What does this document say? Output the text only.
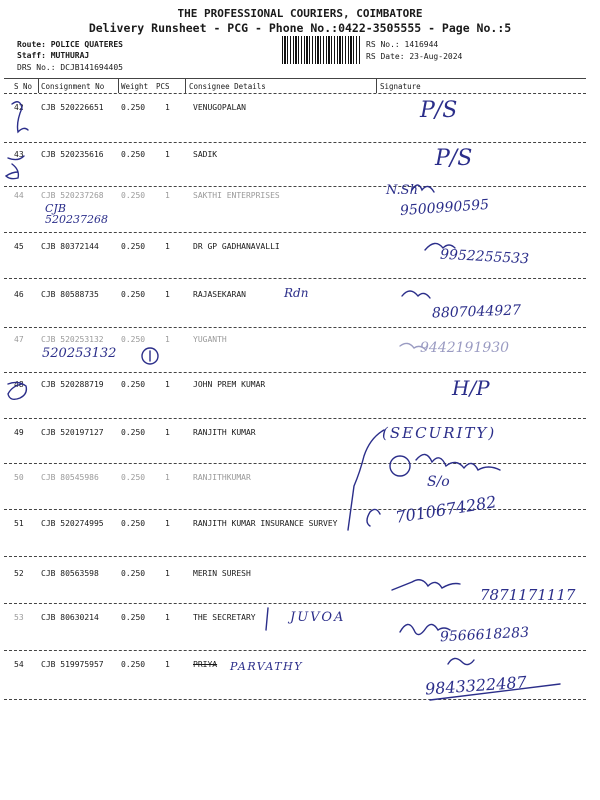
THE PROFESSIONAL COURIERS, COIMBATORE
Delivery Runsheet - PCG - Phone No.:0422-3505555 - Page No.:5
Route: POLICE QUATERES
Staff: MUTHURAJ
DRS No.: DCJB141694405
RS No.: 1416944
RS Date: 23-Aug-2024
S No Consignment No Weight PCS	Consignee Details	Signature
42 CJB 520226651 0.250 1	VENUGOPALAN	P/S
43 CJB 520235616 0.250 1	SADIK	P/S
44 CJB 520237268 0.250 1	SAKTHI ENTERPRISES
CJB 520237268
N.Sh
9500990595
45 CJB 80372144	0.250 1	DR GP GADHANAVALLI
9952255533
46 CJB 80588735	0.250 1	RAJASEKARAN	Rdn
8807044927
47 CJB 520253132 0.250 1	YUGANTH
520253132	9442191930
48 CJB 520288719 0.250 1	JOHN PREM KUMAR	H/P
49 CJB 520197127 0.250 1	RANJITH KUMAR	(SECURITY)
50 CJB 80545986	0.250 1	RANJITHKUMAR	S/o
51 CJB 520274995 0.250 1	RANJITH KUMAR INSURANCE SURVEY	7010674282
52 CJB 80563598	0.250 1	MERIN SURESH
7871171117
53 CJB 80630214	0.250 1	THE SECRETARY	JUVOA
9566618283
54 CJB 519975957 0.250 1	PRIYA PARVATHY
9843322487
